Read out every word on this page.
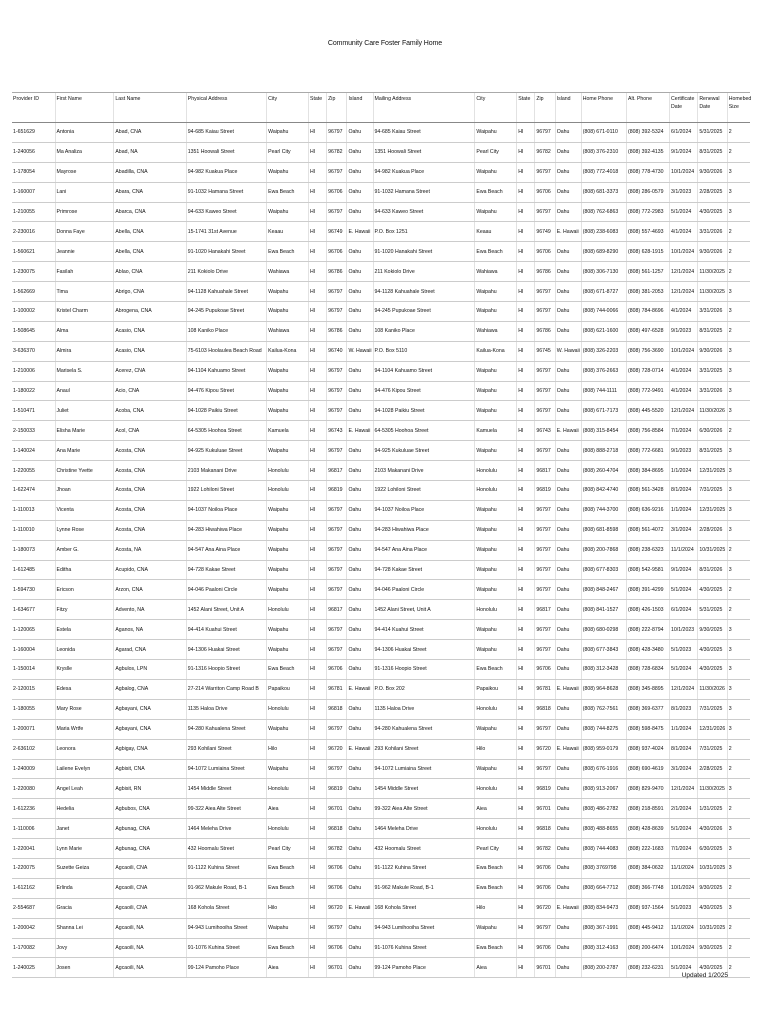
Community Care Foster Family Home
Provider ID	First Name	Last Name	Physical Address	City	State	Zip	Island	Mailing Address	City	State	Zip	Island	Home Phone	Alt. Phone	Certificate Date	Renewal Date	Homebed Size
1-651629	Antonia	Abad, CNA	94-685 Kaiau Street	Waipahu	HI	96797	Oahu	94-685 Kaiau Street	Waipahu	HI	96797	Oahu	(808) 671-0110	(808) 392-5324	6/1/2024	5/31/2025	2
1-240056	Ma Analiza	Abad, NA	1351 Hoowali Street	Pearl City	HI	96782	Oahu	1351 Hoowali Street	Pearl City	HI	96782	Oahu	(808) 376-2310	(808) 392-4135	9/1/2024	8/31/2025	2
1-178054	Mayrose	Abadilla, CNA	94-982 Kuakua Place	Waipahu	HI	96797	Oahu	94-982 Kuakua Place	Waipahu	HI	96797	Oahu	(808) 772-4018	(808) 778-4730	10/1/2024	9/30/2026	3
1-160007	Lani	Abara, CNA	91-1032 Hamana Street	Ewa Beach	HI	96706	Oahu	91-1032 Hamana Street	Ewa Beach	HI	96706	Oahu	(808) 681-3373	(808) 286-0579	3/1/2023	2/28/2025	3
1-210055	Primrose	Abarca, CNA	94-633 Kaweo Street	Waipahu	HI	96797	Oahu	94-633 Kaweo Street	Waipahu	HI	96797	Oahu	(808) 762-6863	(808) 772-2983	5/1/2024	4/30/2025	3
2-230016	Donna Faye	Abella, CNA	15-1741 31st Avenue	Keaau	HI	96749	E. Hawaii	P.O. Box 1251	Keaau	HI	96749	E. Hawaii	(808) 238-6083	(808) 557-4693	4/1/2024	3/31/2026	2
1-560621	Jeannie	Abella, CNA	91-1020 Hanakahi Street	Ewa Beach	HI	96706	Oahu	91-1020 Hanakahi Street	Ewa Beach	HI	96706	Oahu	(808) 689-8290	(808) 628-1915	10/1/2024	9/30/2026	2
1-230075	Fasilah	Ablao, CNA	211 Kokiolo Drive	Wahiawa	HI	96786	Oahu	211 Kokiolo Drive	Wahiawa	HI	96786	Oahu	(808) 306-7130	(808) 561-1257	12/1/2024	11/30/2025	2
1-562669	Tima	Abrigo, CNA	94-1128 Kahuahale Street	Waipahu	HI	96797	Oahu	94-1128 Kahuahale Street	Waipahu	HI	96797	Oahu	(808) 671-8727	(808) 381-2053	12/1/2024	11/30/2025	3
1-100002	Kristel Charm	Abrogena, CNA	94-245 Pupukoae Street	Waipahu	HI	96797	Oahu	94-245 Pupukoae Street	Waipahu	HI	96797	Oahu	(808) 744-0066	(808) 784-8696	4/1/2024	3/31/2026	3
1-508645	Alma	Acasio, CNA	108 Kaniko Place	Wahiawa	HI	96786	Oahu	108 Kaniko Place	Wahiawa	HI	96786	Oahu	(808) 621-1600	(808) 497-6528	9/1/2023	8/31/2025	2
3-636370	Almira	Acasio, CNA	75-6103 Hoolaulea Beach Road	Kailua-Kona	HI	96740	W. Hawaii	P.O. Box 5110	Kailua-Kona	HI	96745	W. Hawaii	(808) 326-2203	(808) 756-3690	10/1/2024	9/30/2026	3
1-210006	Marisela S.	Acerez, CNA	94-1104 Kahuamo Street	Waipahu	HI	96797	Oahu	94-1104 Kahuamo Street	Waipahu	HI	96797	Oahu	(808) 376-2663	(808) 728-0714	4/1/2024	3/31/2025	3
1-180022	Anaul	Acio, CNA	94-476 Kipou Street	Waipahu	HI	96797	Oahu	94-476 Kipou Street	Waipahu	HI	96797	Oahu	(808) 744-1111	(808) 772-9491	4/1/2024	3/31/2026	3
1-510471	Juliet	Acoba, CNA	94-1028 Paikiu Street	Waipahu	HI	96797	Oahu	94-1028 Paikiu Street	Waipahu	HI	96797	Oahu	(808) 671-7173	(808) 445-5520	12/1/2024	11/30/2026	3
2-150033	Elisha Marie	Acol, CNA	64-5305 Hoohoa Street	Kamuela	HI	96743	E. Hawaii	64-5305 Hoohoa Street	Kamuela	HI	96743	E. Hawaii	(808) 315-8454	(808) 756-8584	7/1/2024	6/30/2026	2
1-140024	Ana Marie	Acosta, CNA	94-925 Kukuluae Street	Waipahu	HI	96797	Oahu	94-925 Kukuluae Street	Waipahu	HI	96797	Oahu	(808) 888-2718	(808) 772-6681	9/1/2023	8/31/2025	3
1-220055	Christine Yvette	Acosta, CNA	2103 Makanani Drive	Honolulu	HI	96817	Oahu	2103 Makanani Drive	Honolulu	HI	96817	Oahu	(808) 260-4704	(808) 384-8695	1/1/2024	12/31/2025	3
1-622474	Jhoan	Acosta, CNA	1922 Lohiloni Street	Honolulu	HI	96819	Oahu	1922 Lohiloni Street	Honolulu	HI	96819	Oahu	(808) 842-4740	(808) 561-3428	8/1/2024	7/31/2025	3
1-110013	Vicenta	Acosta, CNA	94-1037 Noiloa Place	Waipahu	HI	96797	Oahu	94-1037 Noiloa Place	Waipahu	HI	96797	Oahu	(808) 744-3700	(808) 636-9216	1/1/2024	12/31/2025	3
1-110010	Lynne Rose	Acosta, CNA	94-283 Hiwahiwa Place	Waipahu	HI	96797	Oahu	94-283 Hiwahiwa Place	Waipahu	HI	96797	Oahu	(808) 681-8598	(808) 561-4072	3/1/2024	2/28/2026	3
1-180073	Amber G.	Acosta, NA	94-547 Ana Aina Place	Waipahu	HI	96797	Oahu	94-547 Ana Aina Place	Waipahu	HI	96797	Oahu	(808) 200-7868	(808) 238-6323	11/1/2024	10/31/2025	2
1-612485	Editha	Acupido, CNA	94-728 Kakae Street	Waipahu	HI	96797	Oahu	94-728 Kakae Street	Waipahu	HI	96797	Oahu	(808) 677-8303	(808) 542-9581	9/1/2024	8/31/2026	3
1-594730	Ericson	Arzon, CNA	94-046 Paaloni Circle	Waipahu	HI	96797	Oahu	94-046 Paaloni Circle	Waipahu	HI	96797	Oahu	(808) 848-2467	(808) 391-4299	5/1/2024	4/30/2025	2
1-634677	Fitzy	Advento, NA	1452 Alani Street, Unit A	Honolulu	HI	96817	Oahu	1452 Alani Street, Unit A	Honolulu	HI	96817	Oahu	(808) 841-1527	(808) 426-1503	6/1/2024	5/31/2025	2
1-120065	Estela	Aganos, NA	94-414 Kuahui Street	Waipahu	HI	96797	Oahu	94-414 Kuahui Street	Waipahu	HI	96797	Oahu	(808) 680-0298	(808) 222-8794	10/1/2023	9/30/2025	3
1-160004	Leonida	Agarad, CNA	94-1306 Huakai Street	Waipahu	HI	96797	Oahu	94-1306 Huakai Street	Waipahu	HI	96797	Oahu	(808) 677-3843	(808) 428-3480	5/1/2023	4/30/2025	3
1-150014	Kryslle	Agbulos, LPN	91-1316 Hoopio Street	Ewa Beach	HI	96706	Oahu	91-1316 Hoopio Street	Ewa Beach	HI	96706	Oahu	(808) 312-3428	(808) 728-6834	5/1/2024	4/30/2025	3
2-120015	Edesa	Agbalog, CNA	27-214 Warriton Camp Road B	Papaikou	HI	96781	E. Hawaii	P.O. Box 202	Papaikou	HI	96781	E. Hawaii	(808) 964-8628	(808) 345-8895	12/1/2024	11/30/2026	3
1-180055	Mary Rose	Agbayani, CNA	1135 Haloa Drive	Honolulu	HI	96818	Oahu	1135 Haloa Drive	Honolulu	HI	96818	Oahu	(808) 762-7561	(808) 369-6377	8/1/2023	7/31/2025	3
1-200071	Maria Wrtfe	Agbayani, CNA	94-280 Kahualena Street	Waipahu	HI	96797	Oahu	94-280 Kahualena Street	Waipahu	HI	96797	Oahu	(808) 744-8275	(808) 598-8475	1/1/2024	12/31/2026	3
2-636102	Leonora	Agbigay, CNA	293 Kohilani Street	Hilo	HI	96720	E. Hawaii	293 Kohilani Street	Hilo	HI	96720	E. Hawaii	(808) 959-0179	(808) 937-4024	8/1/2024	7/31/2025	2
1-240009	Lailene Evelyn	Agbisit, CNA	94-1072 Lumiaina Street	Waipahu	HI	96797	Oahu	94-1072 Lumiaina Street	Waipahu	HI	96797	Oahu	(808) 676-1916	(808) 690-4619	3/1/2024	2/28/2025	2
1-220080	Angel Leah	Agbisit, RN	1454 Middle Street	Honolulu	HI	96819	Oahu	1454 Middle Street	Honolulu	HI	96819	Oahu	(808) 913-2067	(808) 829-9470	12/1/2024	11/30/2025	3
1-612236	Hedelia	Agbubos, CNA	99-322 Aiea Alte Street	Aiea	HI	96701	Oahu	99-322 Aiea Alte Street	Aiea	HI	96701	Oahu	(808) 486-2782	(808) 218-8591	2/1/2024	1/31/2025	2
1-110006	Janet	Agbunag, CNA	1464 Meleha Drive	Honolulu	HI	96818	Oahu	1464 Meleha Drive	Honolulu	HI	96818	Oahu	(808) 488-8655	(808) 428-8639	5/1/2024	4/30/2026	3
1-220041	Lynn Marie	Agbunag, CNA	432 Hoomalu Street	Pearl City	HI	96782	Oahu	432 Hoomalu Street	Pearl City	HI	96782	Oahu	(808) 744-4083	(808) 222-1683	7/1/2024	6/30/2025	3
1-220075	Suzette Geiza	Agcaoili, CNA	91-1122 Kuhina Street	Ewa Beach	HI	96706	Oahu	91-1122 Kuhina Street	Ewa Beach	HI	96706	Oahu	(808) 3769798	(808) 384-0632	11/1/2024	10/31/2025	3
1-612162	Erlinda	Agcaoili, CNA	91-962 Makule Road, B-1	Ewa Beach	HI	96706	Oahu	91-962 Makule Road, B-1	Ewa Beach	HI	96706	Oahu	(808) 664-7712	(808) 366-7748	10/1/2024	9/30/2025	2
2-554687	Gracia	Agcaoili, CNA	168 Kohola Street	Hilo	HI	96720	E. Hawaii	168 Kohola Street	Hilo	HI	96720	E. Hawaii	(808) 834-9473	(808) 937-1564	5/1/2023	4/30/2025	3
1-200042	Shanna Lei	Agcaoili, NA	94-943 Lumihooiha Street	Waipahu	HI	96797	Oahu	94-943 Lumihooiha Street	Waipahu	HI	96797	Oahu	(808) 367-1991	(808) 445-9412	11/1/2024	10/31/2025	2
1-170082	Jovy	Agcaoili, NA	91-1076 Kuhina Street	Ewa Beach	HI	96706	Oahu	91-1076 Kuhina Street	Ewa Beach	HI	96706	Oahu	(808) 312-4163	(808) 200-6474	10/1/2024	9/30/2025	2
1-240025	Josen	Agcaoili, NA	99-124 Pamoho Place	Aiea	HI	96701	Oahu	99-124 Pamoho Place	Aiea	HI	96701	Oahu	(808) 200-2787	(808) 232-6231	5/1/2024	4/30/2025	2
Updated 1/2025
